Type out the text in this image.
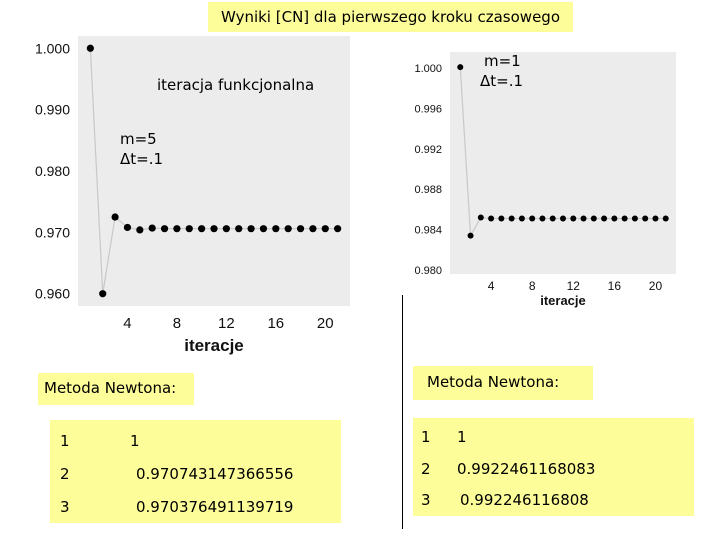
Wyniki [CN] dla pierwszego kroku czasowego
0.960
0.970
0.980
0.990
1.000
4	8 12 16 20
iteracje
0.980
0.984
0.988
0.992
0.996
1.000
4	8	12 16 20
iteracje
iteracja funkcjonalna
m=5
Δt=.1
m=1
Δt=.1
Metoda Newtona:	Metoda Newtona:
1	1
2	0.970743147366556
3	0.970376491139719
1 1
2 0.9922461168083
3 0.992246116808
